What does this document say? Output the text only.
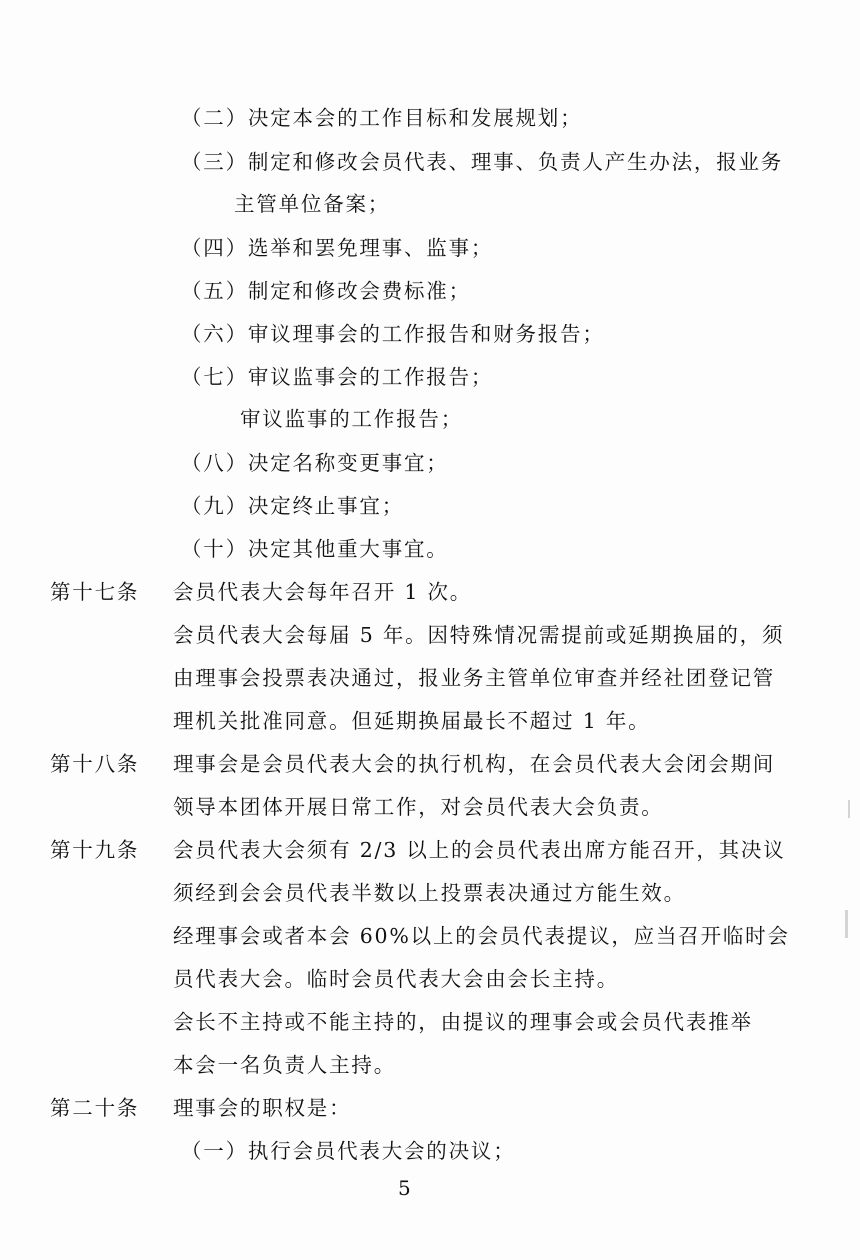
（二）决定本会的工作目标和发展规划；
（三）制定和修改会员代表、理事、负责人产生办法，报业务
主管单位备案；
（四）选举和罢免理事、监事；
（五）制定和修改会费标准；
（六）审议理事会的工作报告和财务报告；
（七）审议监事会的工作报告；
审议监事的工作报告；
（八）决定名称变更事宜；
（九）决定终止事宜；
（十）决定其他重大事宜。
第十七条 会员代表大会每年召开 1 次。
会员代表大会每届 5 年。因特殊情况需提前或延期换届的，须
由理事会投票表决通过，报业务主管单位审查并经社团登记管
理机关批准同意。但延期换届最长不超过 1 年。
第十八条 理事会是会员代表大会的执行机构，在会员代表大会闭会期间
领导本团体开展日常工作，对会员代表大会负责。
第十九条 会员代表大会须有 2/3 以上的会员代表出席方能召开，其决议
须经到会会员代表半数以上投票表决通过方能生效。
经理事会或者本会 60%以上的会员代表提议，应当召开临时会
员代表大会。临时会员代表大会由会长主持。
会长不主持或不能主持的，由提议的理事会或会员代表推举
本会一名负责人主持。
第二十条 理事会的职权是：
（一）执行会员代表大会的决议；
5
